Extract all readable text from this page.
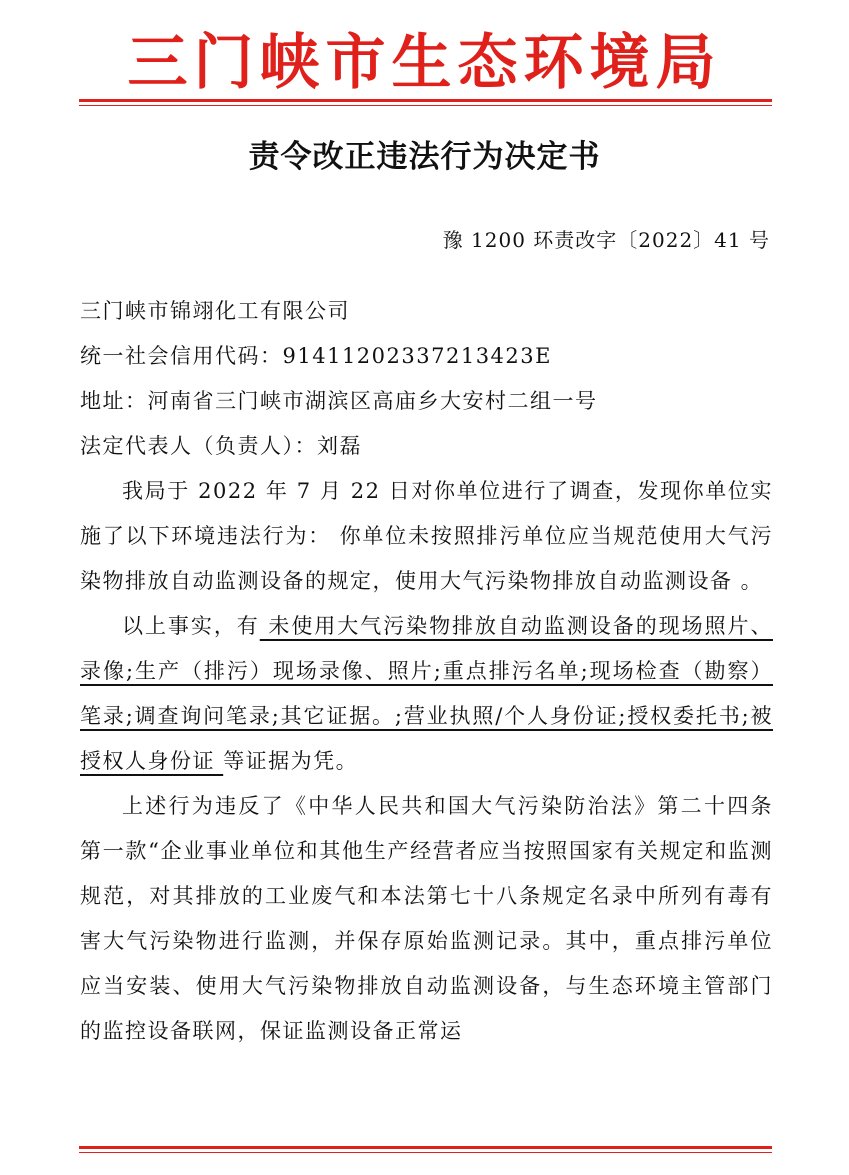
三门峡市生态环境局
责令改正违法行为决定书
豫 1200 环责改字〔2022〕41 号

三门峡市锦翊化工有限公司

统一社会信用代码：91411202337213423E

地址：河南省三门峡市湖滨区高庙乡大安村二组一号

法定代表人（负责人）：刘磊

我局于 2022 年 7 月 22 日对你单位进行了调查，发现你单位实施了以下环境违法行为： 你单位未按照排污单位应当规范使用大气污染物排放自动监测设备的规定，使用大气污染物排放自动监测设备 。

以上事实，有 未使用大气污染物排放自动监测设备的现场照片、录像;生产（排污）现场录像、照片;重点排污名单;现场检查（勘察）笔录;调查询问笔录;其它证据。;营业执照/个人身份证;授权委托书;被授权人身份证 等证据为凭。

上述行为违反了《中华人民共和国大气污染防治法》第二十四条第一款“企业事业单位和其他生产经营者应当按照国家有关规定和监测规范，对其排放的工业废气和本法第七十八条规定名录中所列有毒有害大气污染物进行监测，并保存原始监测记录。其中，重点排污单位应当安装、使用大气污染物排放自动监测设备，与生态环境主管部门的监控设备联网，保证监测设备正常运
